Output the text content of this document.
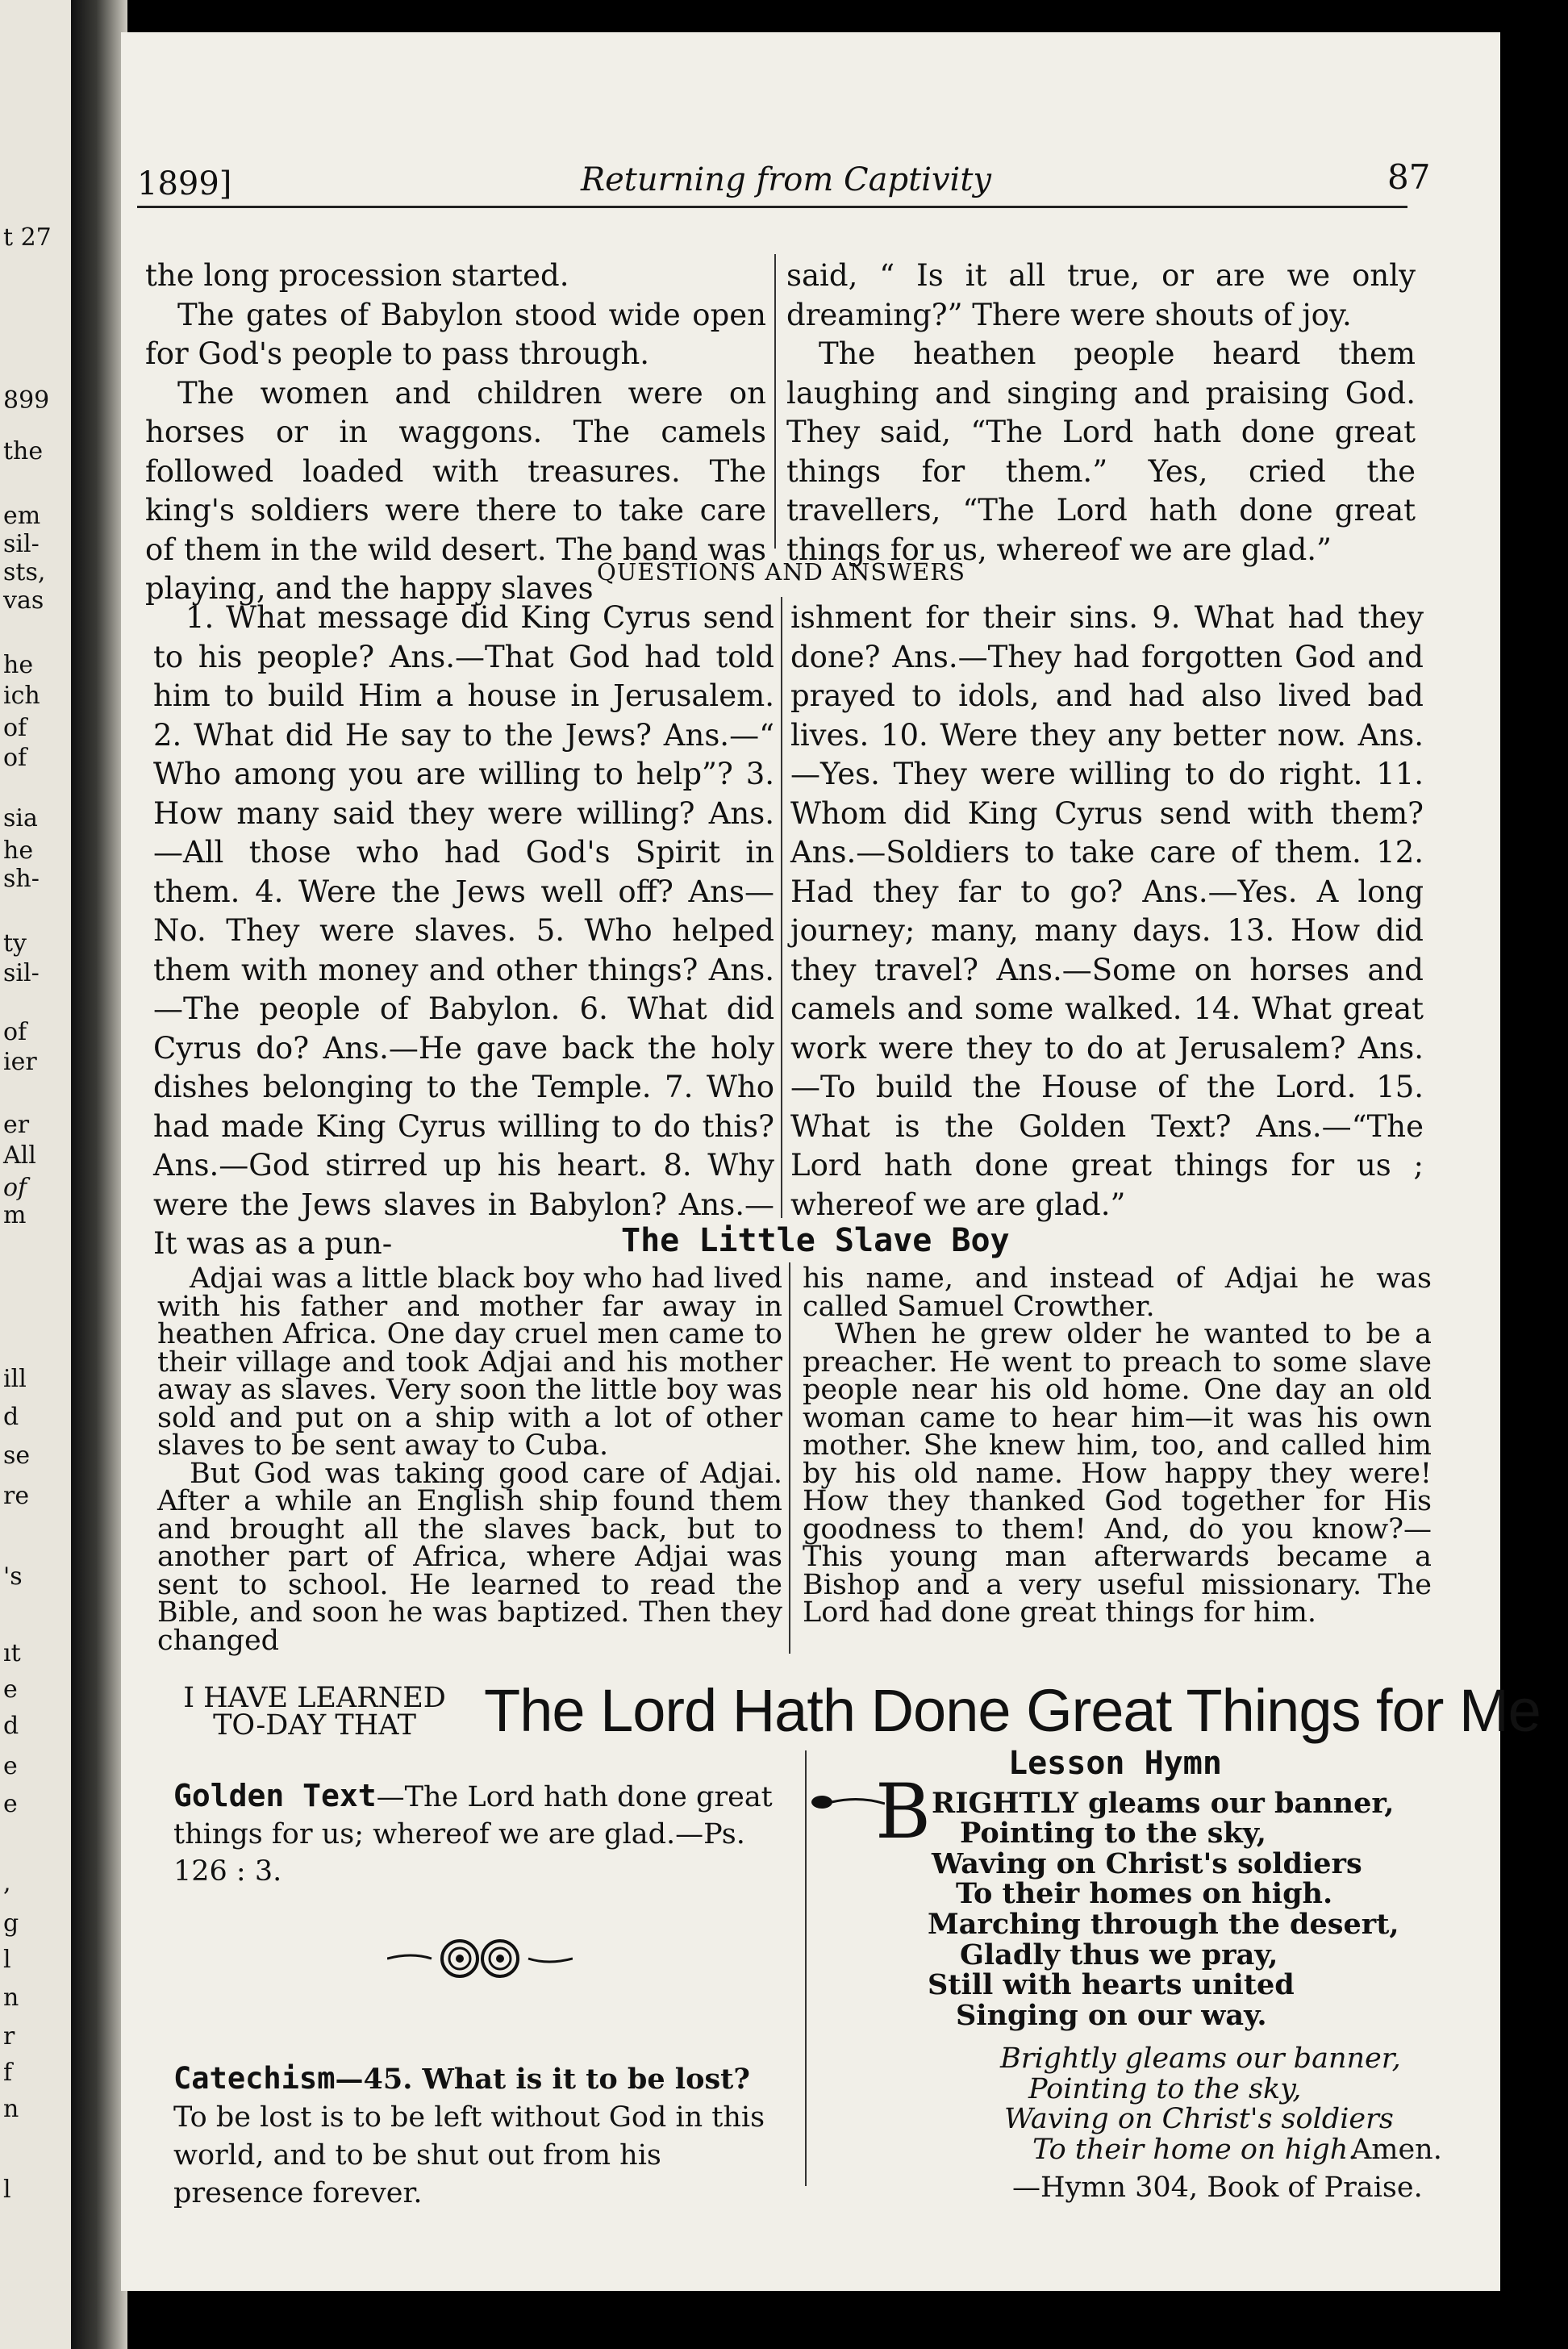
t 27
899
the
em
sil-
sts,
vas
he
ich
of
of
sia
he
sh-
ty
sil-
of
ier
er
All
of
m
ill
d
se
re
's
ıt
e
d
e
e
,
g
l
n
r
f
n
l
1899]	Returning from Captivity	87

the long procession started.

The gates of Babylon stood wide open for God's people to pass through.

The women and children were on horses or in waggons. The camels followed loaded with treasures. The king's soldiers were there to take care of them in the wild desert. The band was playing, and the happy slaves

said, “ Is it all true, or are we only dreaming?” There were shouts of joy.

The heathen people heard them laughing and singing and praising God. They said, “The Lord hath done great things for them.” Yes, cried the travellers, “The Lord hath done great things for us, whereof we are glad.”

QUESTIONS AND ANSWERS

1. What message did King Cyrus send to his people? Ans.—That God had told him to build Him a house in Jerusalem. 2. What did He say to the Jews? Ans.—“ Who among you are willing to help”? 3. How many said they were willing? Ans.—All those who had God's Spirit in them. 4. Were the Jews well off? Ans—No. They were slaves. 5. Who helped them with money and other things? Ans.—The people of Babylon. 6. What did Cyrus do? Ans.—He gave back the holy dishes belonging to the Temple. 7. Who had made King Cyrus willing to do this? Ans.—God stirred up his heart. 8. Why were the Jews slaves in Babylon? Ans.—It was as a pun-

ishment for their sins. 9. What had they done? Ans.—They had forgotten God and prayed to idols, and had also lived bad lives. 10. Were they any better now. Ans.—Yes. They were willing to do right. 11. Whom did King Cyrus send with them? Ans.—Soldiers to take care of them. 12. Had they far to go? Ans.—Yes. A long journey; many, many days. 13. How did they travel? Ans.—Some on horses and camels and some walked. 14. What great work were they to do at Jerusalem? Ans.—To build the House of the Lord. 15. What is the Golden Text? Ans.—“The Lord hath done great things for us ; whereof we are glad.”

The Little Slave Boy

Adjai was a little black boy who had lived with his father and mother far away in heathen Africa. One day cruel men came to their village and took Adjai and his mother away as slaves. Very soon the little boy was sold and put on a ship with a lot of other slaves to be sent away to Cuba.

But God was taking good care of Adjai. After a while an English ship found them and brought all the slaves back, but to another part of Africa, where Adjai was sent to school. He learned to read the Bible, and soon he was baptized. Then they changed

his name, and instead of Adjai he was called Samuel Crowther.

When he grew older he wanted to be a preacher. He went to preach to some slave people near his old home. One day an old woman came to hear him—it was his own mother. She knew him, too, and called him by his old name. How happy they were! How they thanked God together for His goodness to them! And, do you know?—This young man afterwards became a Bishop and a very useful missionary. The Lord had done great things for him.

I HAVE LEARNED
TO-DAY THAT	The Lord Hath Done Great Things for Me
Golden Text—The Lord hath done great things for us; whereof we are glad.—Ps. 126 : 3.
Catechism—45. What is it to be lost?
To be lost is to be left without God in this world, and to be shut out from his presence forever.
Lesson Hymn
B RIGHTLY gleams our banner,
Pointing to the sky,
Waving on Christ's soldiers
To their homes on high.
Marching through the desert,
Gladly thus we pray,
Still with hearts united
Singing on our way.
Brightly gleams our banner,
Pointing to the sky,
Waving on Christ's soldiers
To their home on high.
Amen.
—Hymn 304, Book of Praise.
